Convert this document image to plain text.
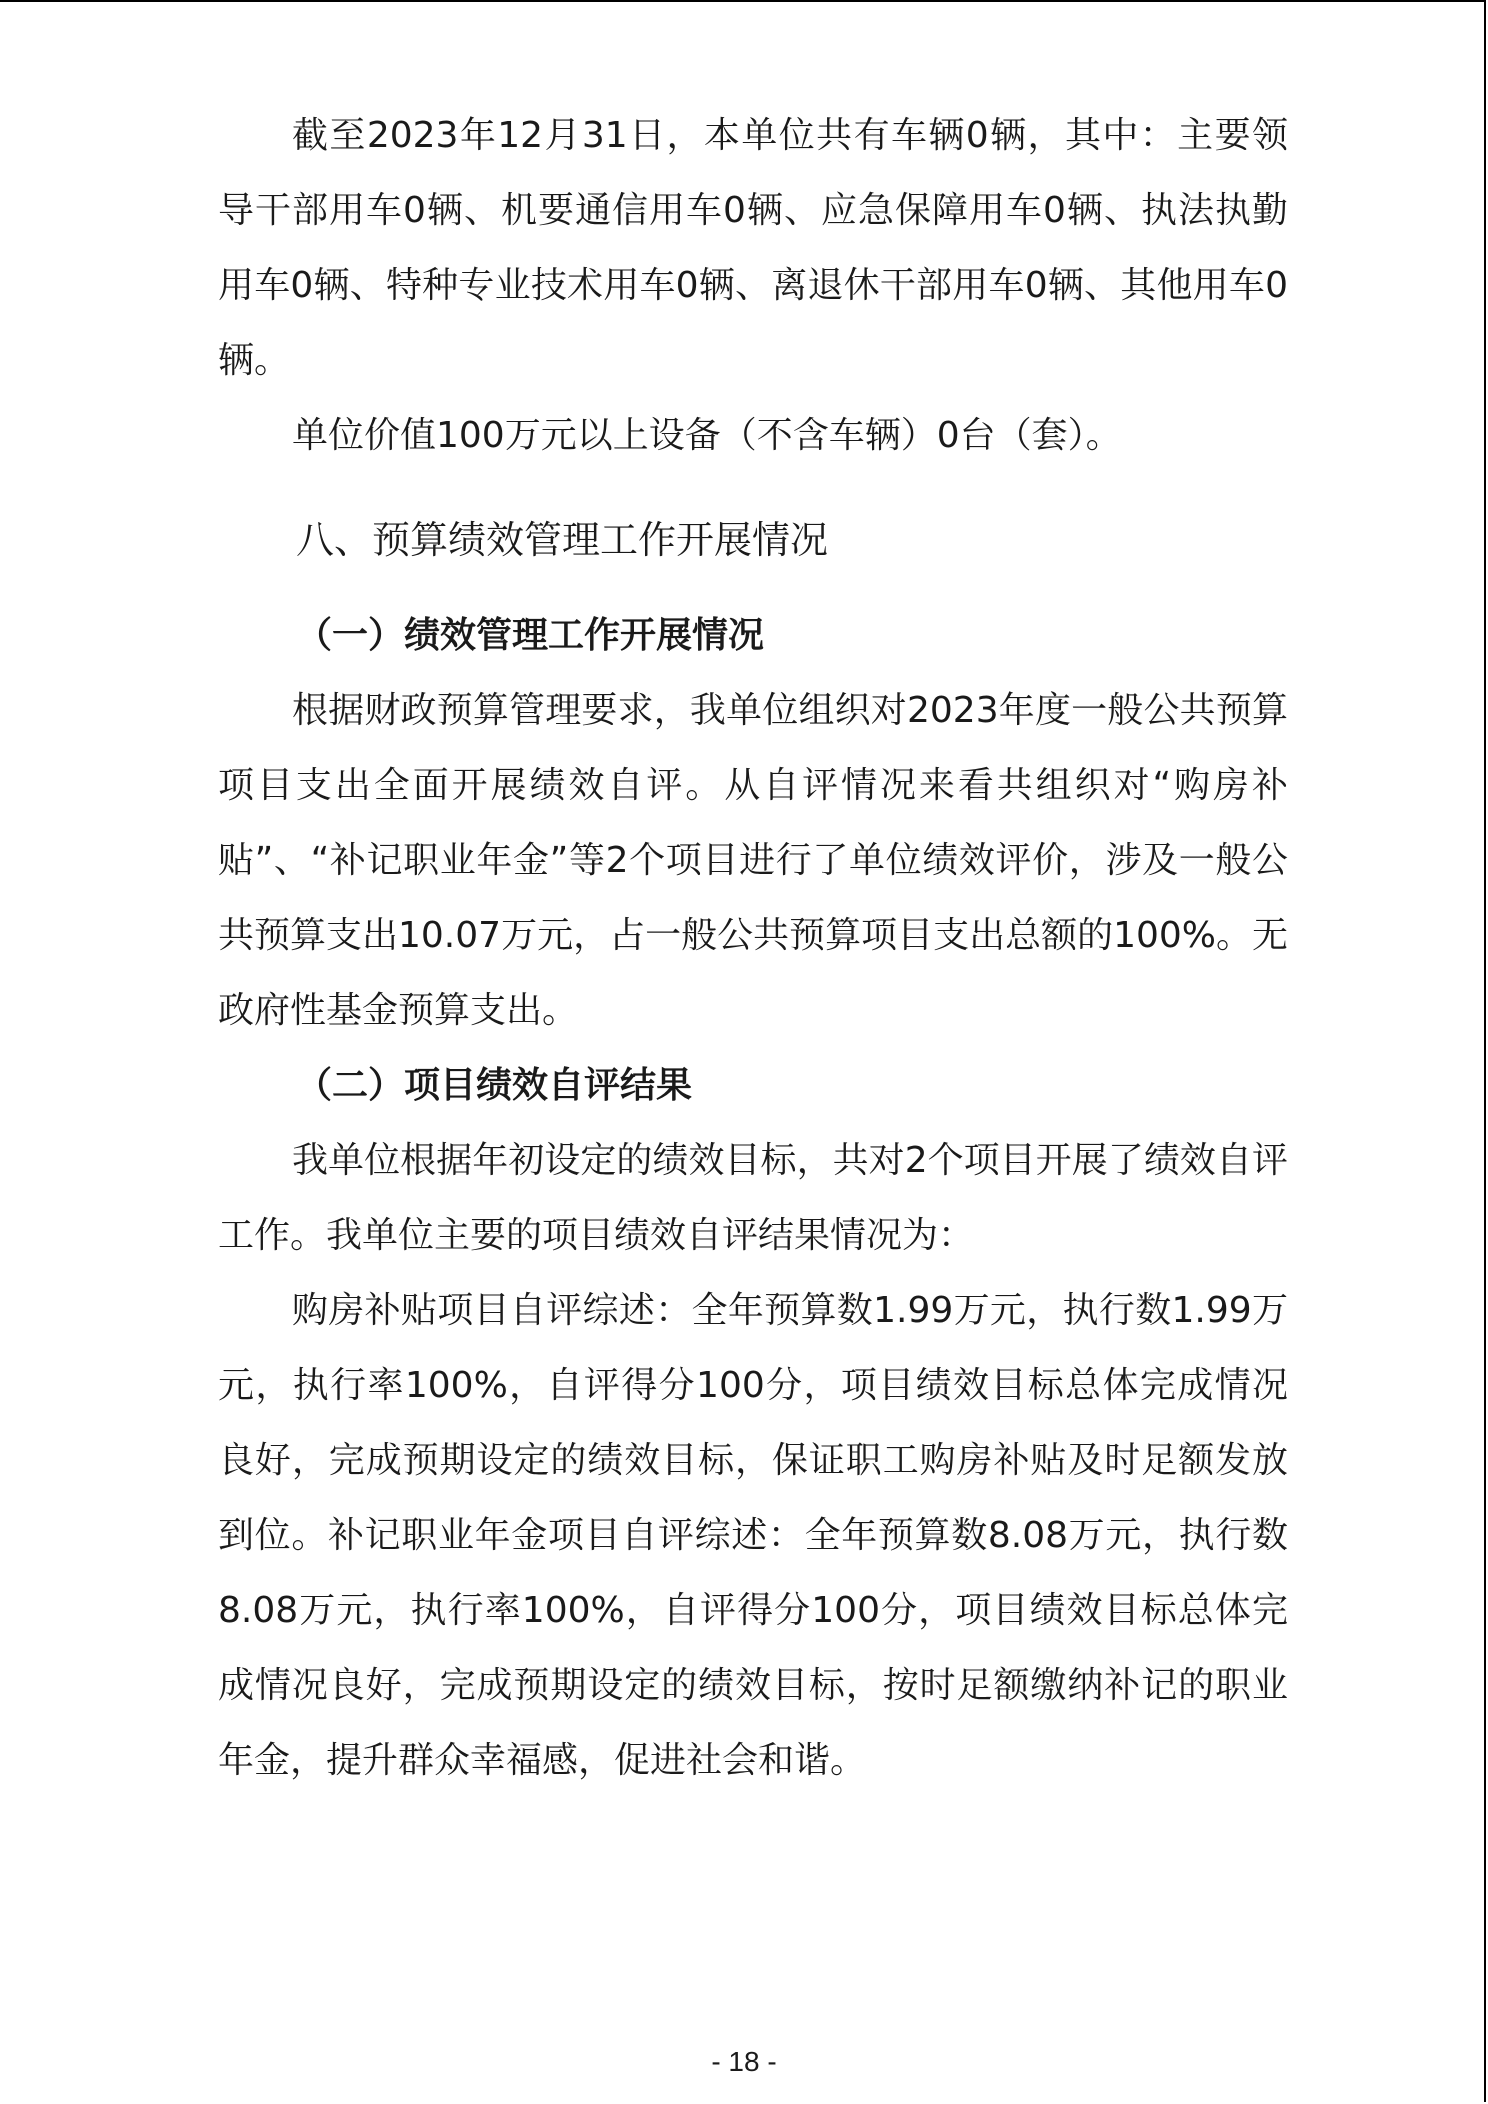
截至2023年12月31日，本单位共有车辆0辆，其中：主要领导干部用车0辆、机要通信用车0辆、应急保障用车0辆、执法执勤用车0辆、特种专业技术用车0辆、离退休干部用车0辆、其他用车0辆。

单位价值100万元以上设备（不含车辆）0台（套）。

八、预算绩效管理工作开展情况

（一）绩效管理工作开展情况

根据财政预算管理要求，我单位组织对2023年度一般公共预算项目支出全面开展绩效自评。从自评情况来看共组织对“购房补贴”、“补记职业年金”等2个项目进行了单位绩效评价，涉及一般公共预算支出10.07万元，占一般公共预算项目支出总额的100%。无政府性基金预算支出。

（二）项目绩效自评结果

我单位根据年初设定的绩效目标，共对2个项目开展了绩效自评工作。我单位主要的项目绩效自评结果情况为：

购房补贴项目自评综述：全年预算数1.99万元，执行数1.99万元，执行率100%，自评得分100分，项目绩效目标总体完成情况良好，完成预期设定的绩效目标，保证职工购房补贴及时足额发放到位。补记职业年金项目自评综述：全年预算数8.08万元，执行数8.08万元，执行率100%，自评得分100分，项目绩效目标总体完成情况良好，完成预期设定的绩效目标，按时足额缴纳补记的职业年金，提升群众幸福感，促进社会和谐。

- 18 -
